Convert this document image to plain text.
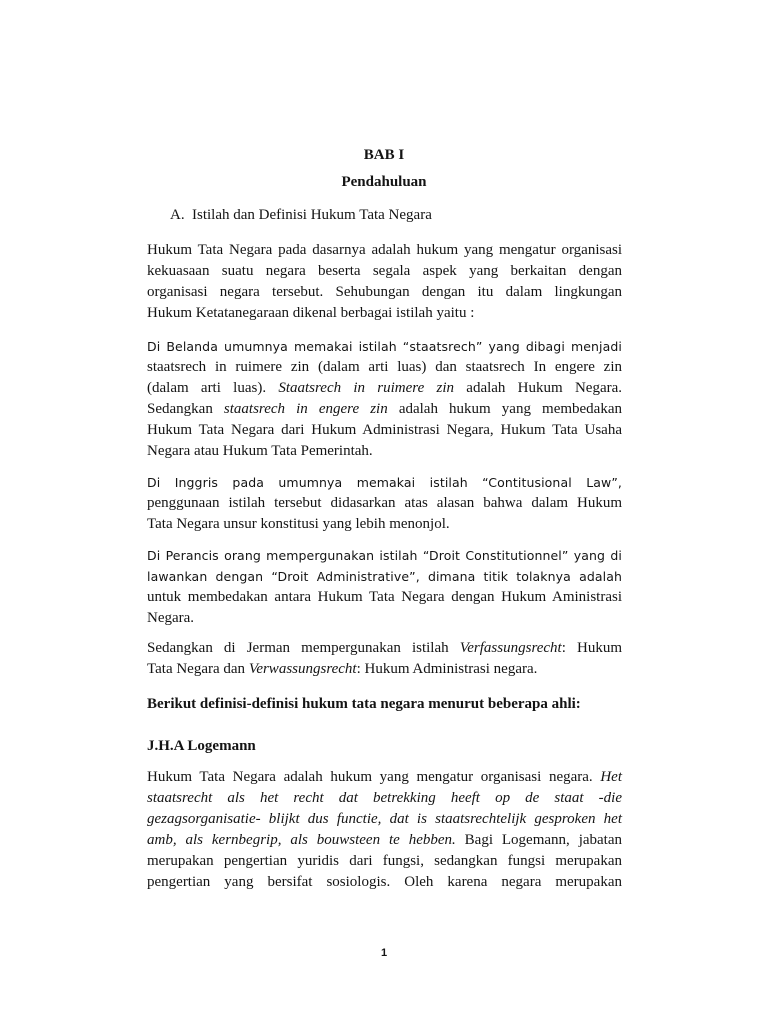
BAB I
Pendahuluan
A. Istilah dan Definisi Hukum Tata Negara
Hukum Tata Negara pada dasarnya adalah hukum yang mengatur organisasi
kekuasaan suatu negara beserta segala aspek yang berkaitan dengan
organisasi negara tersebut. Sehubungan dengan itu dalam lingkungan
Hukum Ketatanegaraan dikenal berbagai istilah yaitu :
Di Belanda umumnya memakai istilah “staatsrech” yang dibagi menjadi
staatsrech in ruimere zin (dalam arti luas) dan staatsrech In engere zin
(dalam arti luas). Staatsrech in ruimere zin adalah Hukum Negara.
Sedangkan staatsrech in engere zin adalah hukum yang membedakan
Hukum Tata Negara dari Hukum Administrasi Negara, Hukum Tata Usaha
Negara atau Hukum Tata Pemerintah.
Di Inggris pada umumnya memakai istilah “Contitusional Law”,
penggunaan istilah tersebut didasarkan atas alasan bahwa dalam Hukum
Tata Negara unsur konstitusi yang lebih menonjol.
Di Perancis orang mempergunakan istilah “Droit Constitutionnel” yang di
lawankan dengan “Droit Administrative”, dimana titik tolaknya adalah
untuk membedakan antara Hukum Tata Negara dengan Hukum Aministrasi
Negara.
Sedangkan di Jerman mempergunakan istilah Verfassungsrecht: Hukum
Tata Negara dan Verwassungsrecht: Hukum Administrasi negara.
Berikut definisi-definisi hukum tata negara menurut beberapa ahli:
J.H.A Logemann
Hukum Tata Negara adalah hukum yang mengatur organisasi negara. Het
staatsrecht als het recht dat betrekking heeft op de staat -die
gezagsorganisatie- blijkt dus functie, dat is staatsrechtelijk gesproken het
amb, als kernbegrip, als bouwsteen te hebben. Bagi Logemann, jabatan
merupakan pengertian yuridis dari fungsi, sedangkan fungsi merupakan
pengertian yang bersifat sosiologis. Oleh karena negara merupakan
1
